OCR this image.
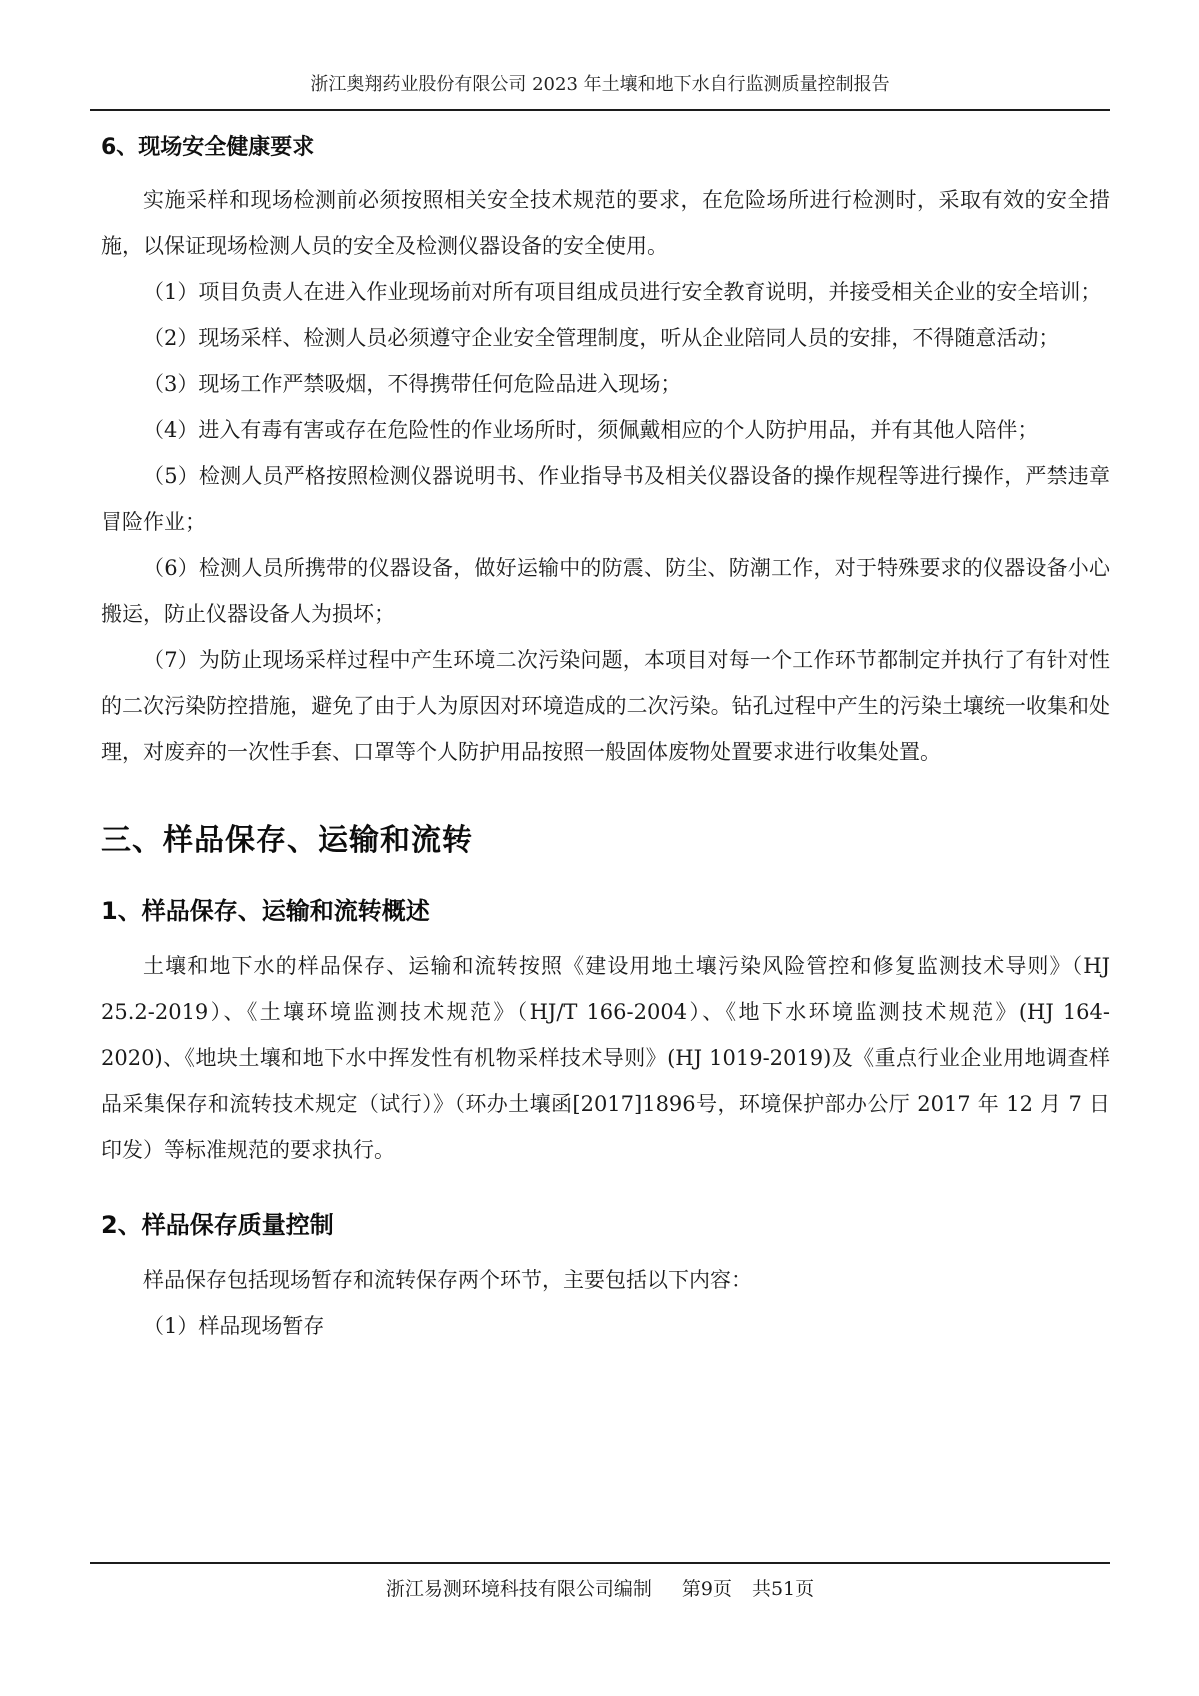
浙江奥翔药业股份有限公司 2023 年土壤和地下水自行监测质量控制报告
6、现场安全健康要求

实施采样和现场检测前必须按照相关安全技术规范的要求，在危险场所进行检测时，采取有效的安全措施，以保证现场检测人员的安全及检测仪器设备的安全使用。

（1）项目负责人在进入作业现场前对所有项目组成员进行安全教育说明，并接受相关企业的安全培训；

（2）现场采样、检测人员必须遵守企业安全管理制度，听从企业陪同人员的安排，不得随意活动；

（3）现场工作严禁吸烟，不得携带任何危险品进入现场；

（4）进入有毒有害或存在危险性的作业场所时，须佩戴相应的个人防护用品，并有其他人陪伴；

（5）检测人员严格按照检测仪器说明书、作业指导书及相关仪器设备的操作规程等进行操作，严禁违章冒险作业；

（6）检测人员所携带的仪器设备，做好运输中的防震、防尘、防潮工作，对于特殊要求的仪器设备小心搬运，防止仪器设备人为损坏；

（7）为防止现场采样过程中产生环境二次污染问题，本项目对每一个工作环节都制定并执行了有针对性的二次污染防控措施，避免了由于人为原因对环境造成的二次污染。钻孔过程中产生的污染土壤统一收集和处理，对废弃的一次性手套、口罩等个人防护用品按照一般固体废物处置要求进行收集处置。

三、样品保存、运输和流转
1、样品保存、运输和流转概述

土壤和地下水的样品保存、运输和流转按照《建设用地土壤污染风险管控和修复监测技术导则》（HJ 25.2-2019）、《土壤环境监测技术规范》（HJ/T 166-2004）、《地下水环境监测技术规范》(HJ 164-2020)、《地块土壤和地下水中挥发性有机物采样技术导则》(HJ 1019-2019)及《重点行业企业用地调查样品采集保存和流转技术规定（试行）》（环办土壤函[2017]1896号，环境保护部办公厅 2017 年 12 月 7 日印发）等标准规范的要求执行。

2、样品保存质量控制

样品保存包括现场暂存和流转保存两个环节，主要包括以下内容：

（1）样品现场暂存

浙江易测环境科技有限公司编制 第9页 共51页
